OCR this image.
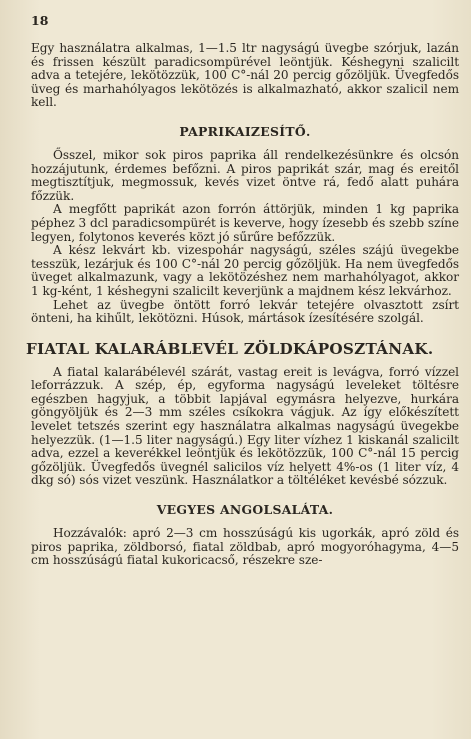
18

Egy használatra alkalmas, 1—1.5 ltr nagyságú üvegbe szórjuk, lazán és frissen készült paradicsompürével leöntjük. Késhegyni szalicilt adva a tetejére, lekötözzük, 100 C°-nál 20 percig gőzöljük. Üvegfedős üveg és marhahólyagos lekötözés is alkalmazható, akkor szalicil nem kell.

PAPRIKAIZESÍTŐ.

Ősszel, mikor sok piros paprika áll rendelkezésünkre és olcsón hozzájutunk, érdemes befőzni. A piros paprikát szár, mag és ereitől megtisztítjuk, megmossuk, kevés vizet öntve rá, fedő alatt puhára főzzük.

A megfőtt paprikát azon forrón áttörjük, minden 1 kg paprika péphez 3 dcl paradicsompürét is keverve, hogy ízesebb és szebb színe legyen, folytonos keverés közt jó sűrűre befőzzük.

A kész lekvárt kb. vizespohár nagyságú, széles szájú üvegekbe tesszük, lezárjuk és 100 C°-nál 20 percig gőzöljük. Ha nem üvegfedős üveget alkalmazunk, vagy a lekötözéshez nem marhahólyagot, akkor 1 kg-ként, 1 késhegyni szalicilt keverjünk a majdnem kész lekvárhoz.

Lehet az üvegbe öntött forró lekvár tetejére olvasztott zsírt önteni, ha kihűlt, lekötözni. Húsok, mártások ízesítésére szolgál.

FIATAL KALARÁBLEVÉL ZÖLDKÁPOSZTÁNAK.

A fiatal kalarábélevél szárát, vastag ereit is levágva, forró vízzel leforrázzuk. A szép, ép, egyforma nagyságú leveleket töltésre egészben hagyjuk, a többit lapjával egymásra helyezve, hurkára göngyöljük és 2—3 mm széles csíkokra vágjuk. Az így előkészített levelet tetszés szerint egy használatra alkalmas nagyságú üvegekbe helyezzük. (1—1.5 liter nagyságú.) Egy liter vízhez 1 kiskanál szalicilt adva, ezzel a keverékkel leöntjük és lekötözzük, 100 C°-nál 15 percig gőzöljük. Üvegfedős üvegnél salicilos víz helyett 4%-os (1 liter víz, 4 dkg só) sós vizet veszünk. Használatkor a töltéléket kevésbé sózzuk.

VEGYES ANGOLSALÁTA.

Hozzávalók: apró 2—3 cm hosszúságú kis ugorkák, apró zöld és piros paprika, zöldborsó, fiatal zöldbab, apró mogyoróhagyma, 4—5 cm hosszúságú fiatal kukoricacső, részekre sze-
